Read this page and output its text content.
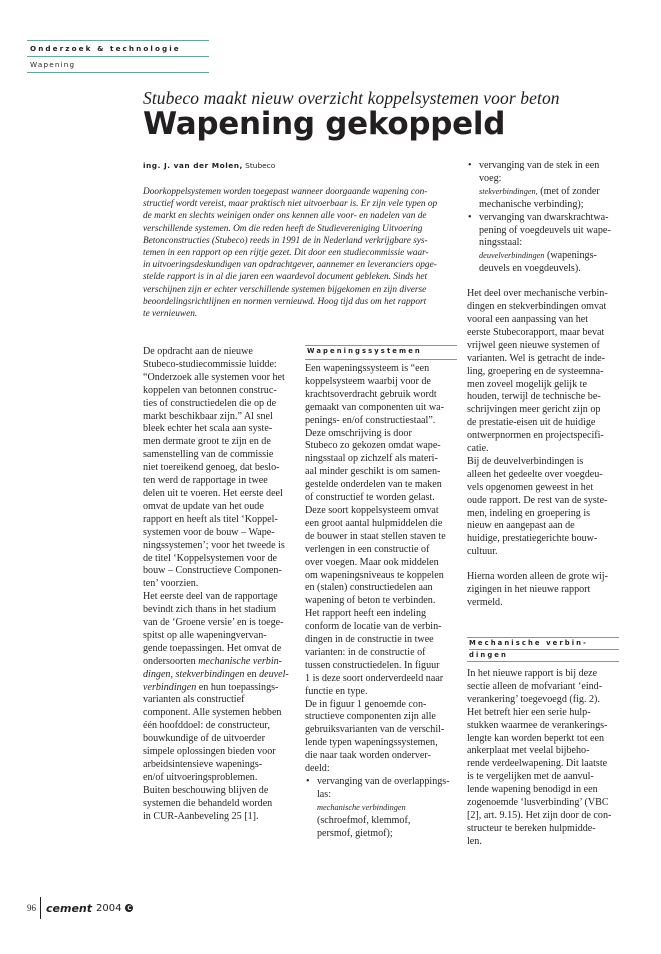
Onderzoek & technologie
Wapening
Stubeco maakt nieuw overzicht koppelsystemen voor beton
Wapening gekoppeld
ing. J. van der Molen, Stubeco
Doorkoppelsystemen worden toegepast wanneer doorgaande wapening con-
structief wordt vereist, maar praktisch niet uitvoerbaar is. Er zijn vele typen op
de markt en slechts weinigen onder ons kennen alle voor- en nadelen van de
verschillende systemen. Om die reden heeft de Studievereniging Uitvoering
Betonconstructies (Stubeco) reeds in 1991 de in Nederland verkrijgbare sys-
temen in een rapport op een rijtje gezet. Dit door een studiecommissie waar-
in uitvoeringsdeskundigen van opdrachtgever, aannemer en leveranciers opge-
stelde rapport is in al die jaren een waardevol document gebleken. Sinds het
verschijnen zijn er echter verschillende systemen bijgekomen en zijn diverse
beoordelingsrichtlijnen en normen vernieuwd. Hoog tijd dus om het rapport
te vernieuwen.
De opdracht aan de nieuwe
Stubeco-studiecommissie luidde:
“Onderzoek alle systemen voor het
koppelen van betonnen construc-
ties of constructiedelen die op de
markt beschikbaar zijn.” Al snel
bleek echter het scala aan syste-
men dermate groot te zijn en de
samenstelling van de commissie
niet toereikend genoeg, dat beslo-
ten werd de rapportage in twee
delen uit te voeren. Het eerste deel
omvat de update van het oude
rapport en heeft als titel ‘Koppel-
systemen voor de bouw – Wape-
ningssystemen’; voor het tweede is
de titel ‘Koppelsystemen voor de
bouw – Constructieve Componen-
ten’ voorzien.
Het eerste deel van de rapportage
bevindt zich thans in het stadium
van de ‘Groene versie’ en is toege-
spitst op alle wapeningvervan-
gende toepassingen. Het omvat de
ondersoorten mechanische verbin-
dingen, stekverbindingen en deuvel-
verbindingen en hun toepassings-
varianten als constructief
component. Alle systemen hebben
één hoofddoel: de constructeur,
bouwkundige of de uitvoerder
simpele oplossingen bieden voor
arbeidsintensieve wapenings-
en/of uitvoeringsproblemen.
Buiten beschouwing blijven de
systemen die behandeld worden
in CUR-Aanbeveling 25 [1].
Wapeningssystemen
Een wapeningssysteem is “een
koppelsysteem waarbij voor de
krachtsoverdracht gebruik wordt
gemaakt van componenten uit wa-
penings- en/of constructiestaal”.
Deze omschrijving is door
Stubeco zo gekozen omdat wape-
ningsstaal op zichzelf als materi-
aal minder geschikt is om samen-
gestelde onderdelen van te maken
of constructief te worden gelast.
Deze soort koppelsysteem omvat
een groot aantal hulpmiddelen die
de bouwer in staat stellen staven te
verlengen in een constructie of
over voegen. Maar ook middelen
om wapeningsniveaus te koppelen
en (stalen) constructiedelen aan
wapening of beton te verbinden.
Het rapport heeft een indeling
conform de locatie van de verbin-
dingen in de constructie in twee
varianten: in de constructie of
tussen constructiedelen. In figuur
1 is deze soort onderverdeeld naar
functie en type.
De in figuur 1 genoemde con-
structieve componenten zijn alle
gebruiksvarianten van de verschil-
lende typen wapeningssystemen,
die naar taak worden onderver-
deeld:
• vervanging van de overlappings-
las:
mechanische verbindingen
(schroefmof, klemmof,
persmof, gietmof);
• vervanging van de stek in een
voeg:
stekverbindingen, (met of zonder
mechanische verbinding);
• vervanging van dwarskrachtwa-
pening of voegdeuvels uit wape-
ningsstaal:
deuvelverbindingen (wapenings-
deuvels en voegdeuvels).
Het deel over mechanische verbin-
dingen en stekverbindingen omvat
vooral een aanpassing van het
eerste Stubecorapport, maar bevat
vrijwel geen nieuwe systemen of
varianten. Wel is getracht de inde-
ling, groepering en de systeemna-
men zoveel mogelijk gelijk te
houden, terwijl de technische be-
schrijvingen meer gericht zijn op
de prestatie-eisen uit de huidige
ontwerpnormen en projectspecifi-
catie.
Bij de deuvelverbindingen is
alleen het gedeelte over voegdeu-
vels opgenomen geweest in het
oude rapport. De rest van de syste-
men, indeling en groepering is
nieuw en aangepast aan de
huidige, prestatiegerichte bouw-
cultuur.
Hierna worden alleen de grote wij-
zigingen in het nieuwe rapport
vermeld.
Mechanische verbin-
dingen
In het nieuwe rapport is bij deze
sectie alleen de mofvariant ‘eind-
verankering’ toegevoegd (fig. 2).
Het betreft hier een serie hulp-
stukken waarmee de verankerings-
lengte kan worden beperkt tot een
ankerplaat met veelal bijbeho-
rende verdeelwapening. Dit laatste
is te vergelijken met de aanvul-
lende wapening benodigd in een
zogenoemde ‘lusverbinding’ (VBC
[2], art. 9.15). Het zijn door de con-
structeur te bereken hulpmidde-
len.
96 cement 2004 C
